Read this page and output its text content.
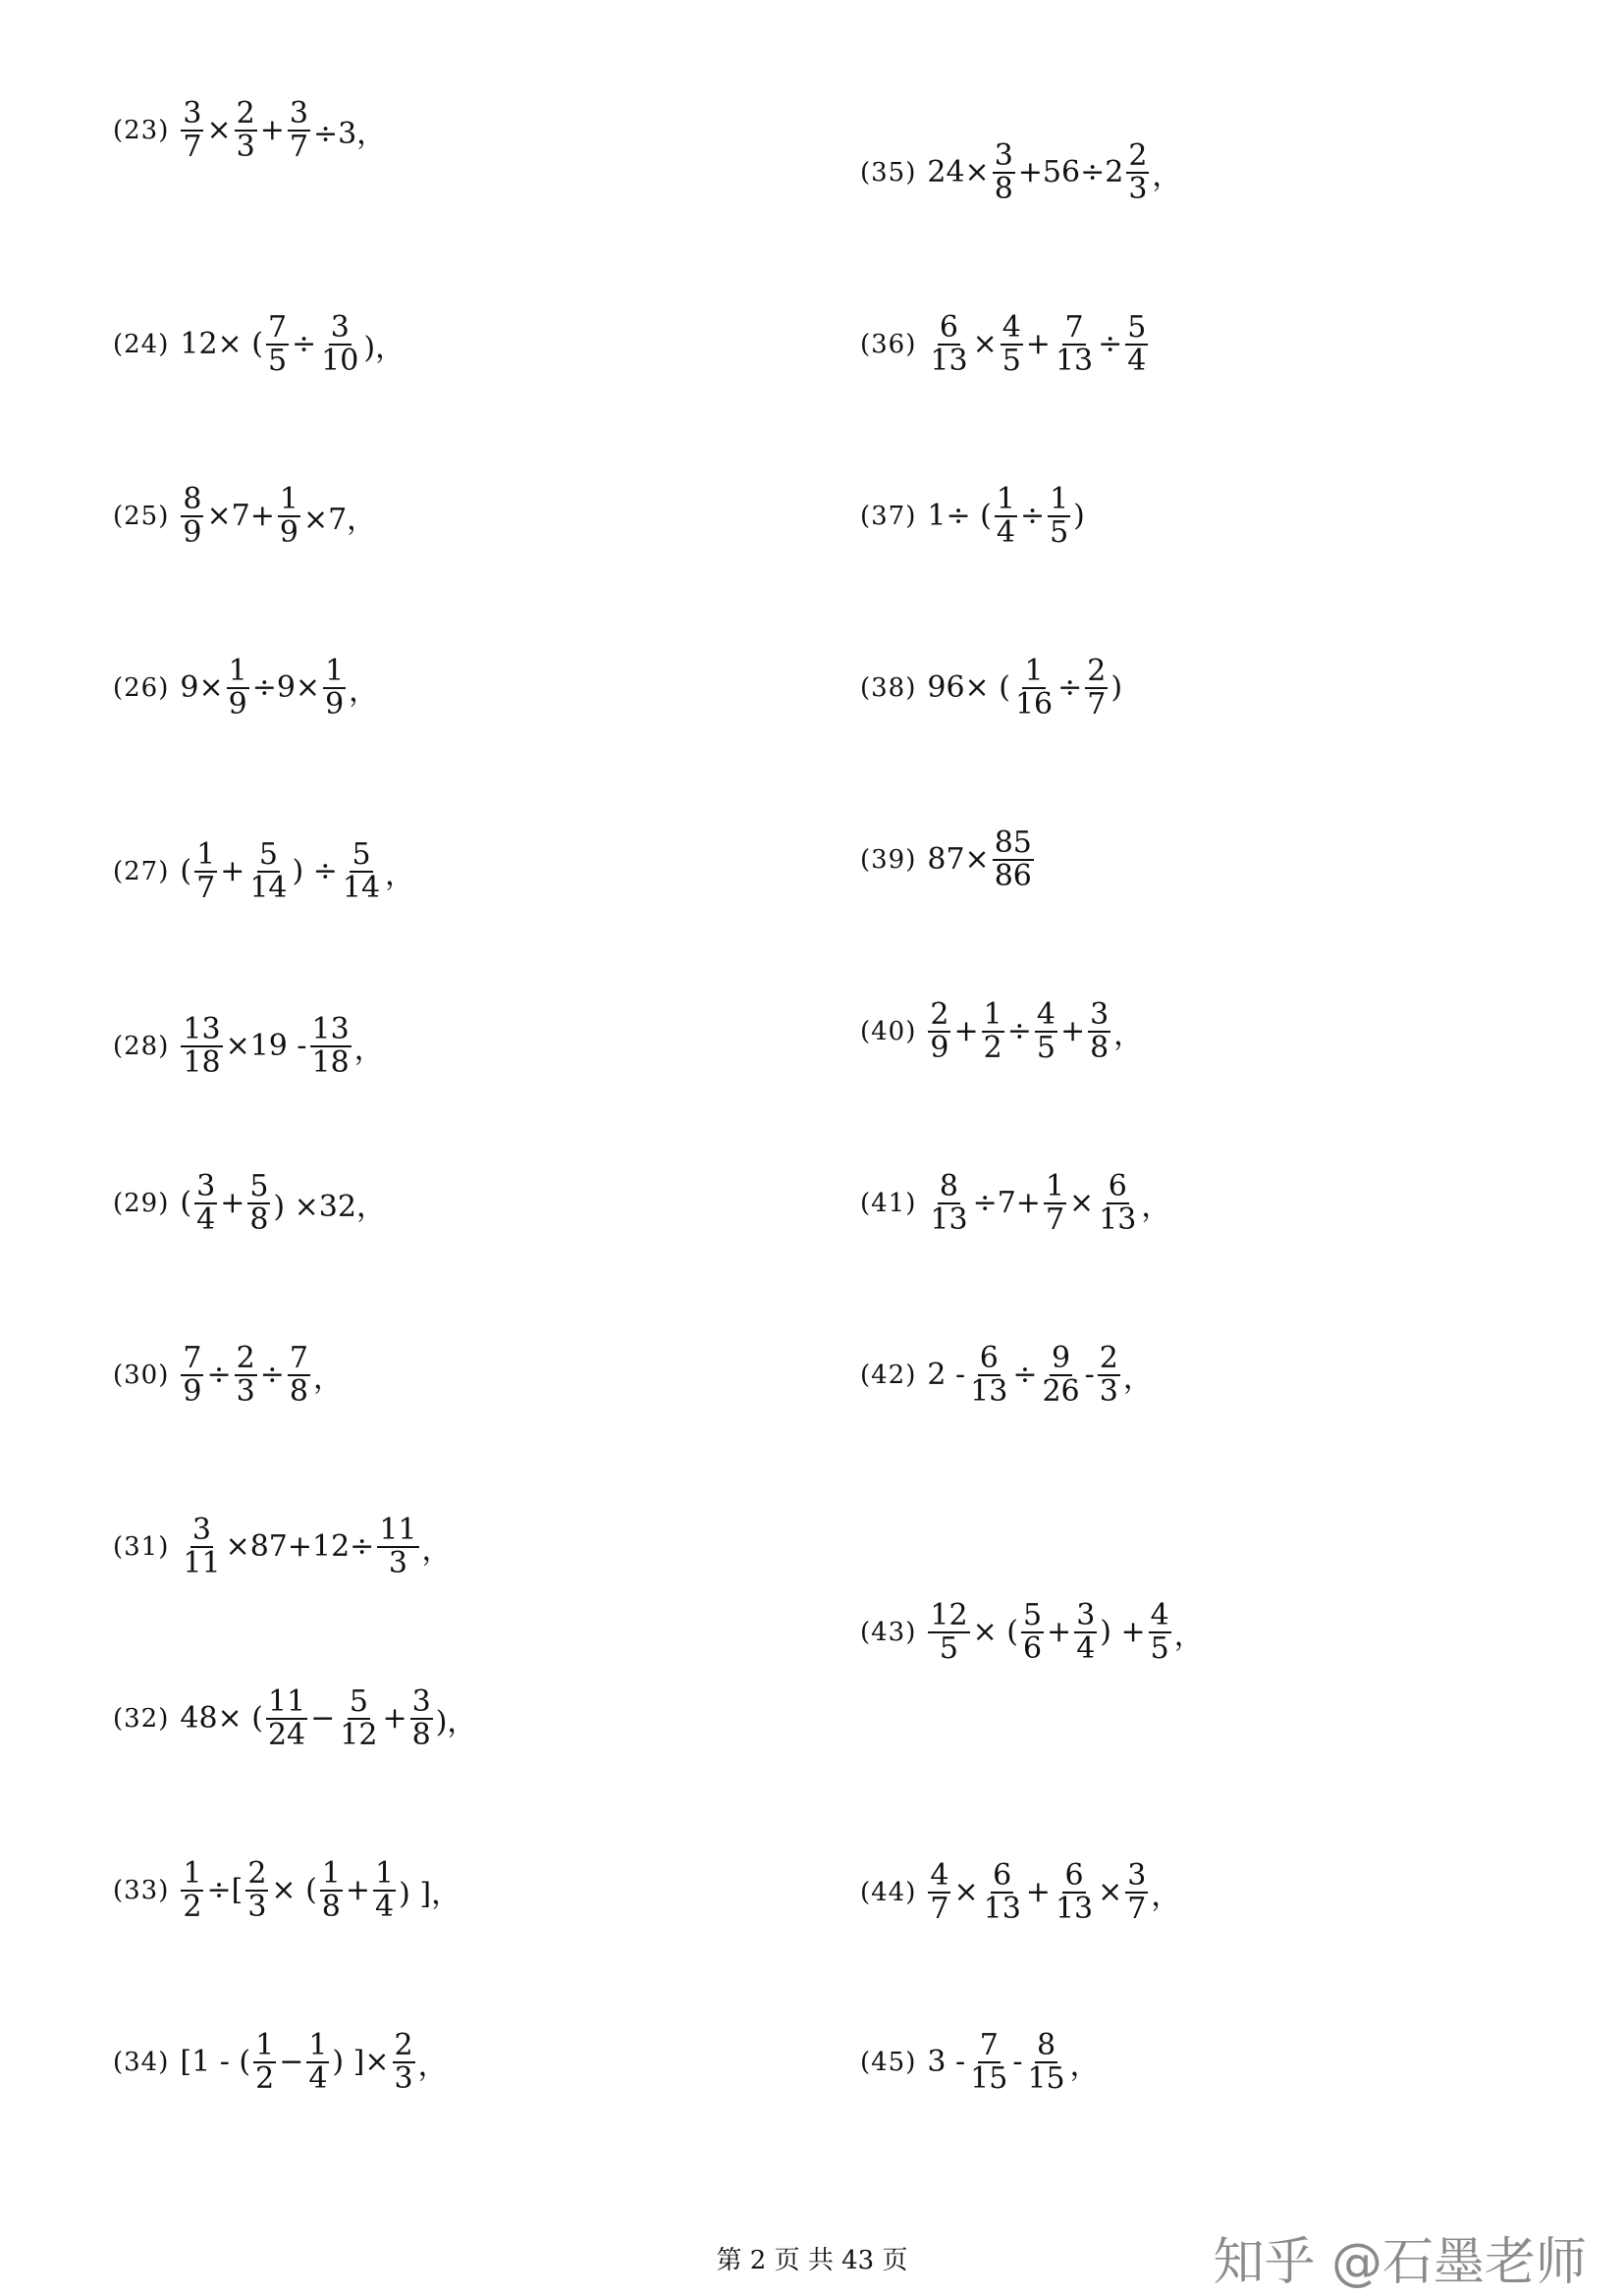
$(23) \frac{3}{7} \times \frac{2}{3} + \frac{3}{7} \div 3$，
(24) 12× ( $\frac{7}{5} \div \frac{3}{10}$ )，
$(25) \frac{8}{9} \times 7+ \frac{1}{9} \times 7$，
(26) $9\times \frac{1}{9} \div 9\times \frac{1}{9}$ ，
(27) ( $\frac{1}{7} + \frac{5}{14}$ ) ÷ $\frac{5}{14}$ ，
$(28) \frac{13}{18} \times 19 - \frac{13}{18}$ ，
(29) ( $\frac{3}{4} + \frac{5}{8}$ ) ×32，
$(30) \frac{7}{9} \div \frac{2}{3} \div \frac{7}{8}$ ，
$(31) \frac{3}{11} \times 87+12\div \frac{11}{3}$ ，
(32) 48× ( $\frac{11}{24} - \frac{5}{12} + \frac{3}{8}$ )，
$(33) \frac{1}{2}$ ÷[ $\frac{2}{3}$ × ( $\frac{1}{8} + \frac{1}{4}$ ) ]，
(34) [1 - ( $\frac{1}{2} - \frac{1}{4}$ ) ]× $\frac{2}{3}$ ，
(35) $24\times \frac{3}{8} +56\div 2 \frac{2}{3}$ ，
$(36) \frac{6}{13} \times \frac{4}{5} + \frac{7}{13} \div \frac{5}{4}$
(37) 1÷ ( $\frac{1}{4} \div \frac{1}{5}$ )
(38) 96× ( $\frac{1}{16} \div \frac{2}{7}$ )
(39) $87\times \frac{85}{86}$
$(40) \frac{2}{9} + \frac{1}{2} \div \frac{4}{5} + \frac{3}{8}$ ，
$(41) \frac{8}{13} \div 7+ \frac{1}{7} \times \frac{6}{13}$ ，
(42) $2 - \frac{6}{13} \div \frac{9}{26} - \frac{2}{3}$ ，
$(43) \frac{12}{5}$ × ( $\frac{5}{6} + \frac{3}{4}$ ) + $\frac{4}{5}$ ，
$(44) \frac{4}{7} \times \frac{6}{13} + \frac{6}{13} \times \frac{3}{7}$ ，
(45) $3 - \frac{7}{15} - \frac{8}{15}$ ，
第 2 页 共 43 页	知乎 @石墨老师
